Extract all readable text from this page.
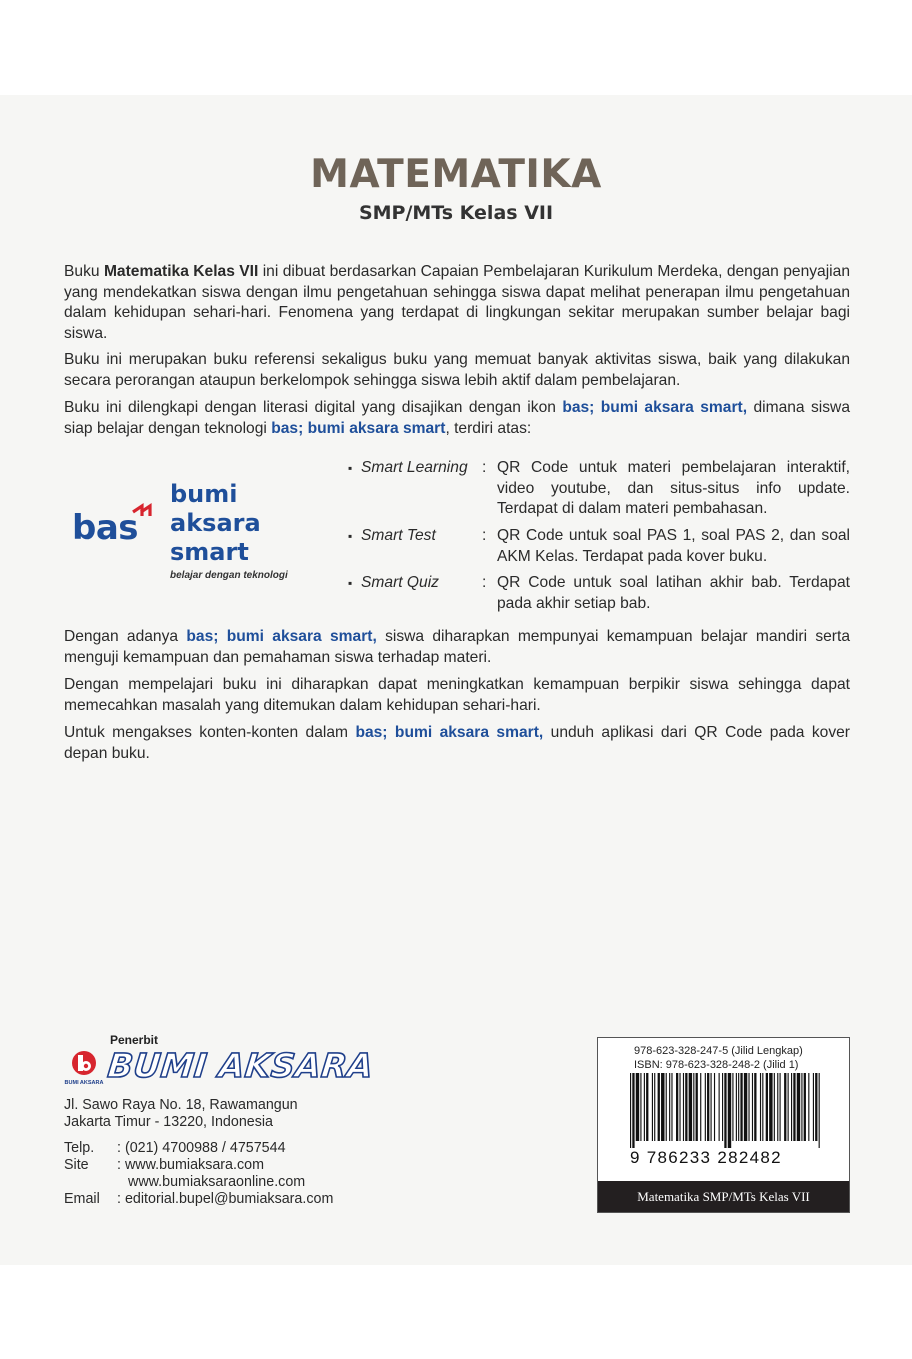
MATEMATIKA
SMP/MTs Kelas VII

Buku Matematika Kelas VII ini dibuat berdasarkan Capaian Pembelajaran Kurikulum Merdeka, dengan penyajian yang mendekatkan siswa dengan ilmu pengetahuan sehingga siswa dapat melihat penerapan ilmu pengetahuan dalam kehidupan sehari-hari. Fenomena yang terdapat di lingkungan sekitar merupakan sumber belajar bagi siswa.

Buku ini merupakan buku referensi sekaligus buku yang memuat banyak aktivitas siswa, baik yang dilakukan secara perorangan ataupun berkelompok sehingga siswa lebih aktif dalam pembelajaran.

Buku ini dilengkapi dengan literasi digital yang disajikan dengan ikon bas; bumi aksara smart, dimana siswa siap belajar dengan teknologi bas; bumi aksara smart, terdiri atas:

bas
bumi
aksara
smart
belajar dengan teknologi
▪ Smart Learning : QR Code untuk materi pembelajaran interaktif, video youtube, dan situs-situs info update. Terdapat di dalam materi pembahasan.
▪ Smart Test	: QR Code untuk soal PAS 1, soal PAS 2, dan soal AKM Kelas. Terdapat pada kover buku.
▪ Smart Quiz	: QR Code untuk soal latihan akhir bab. Terdapat pada akhir setiap bab.

Dengan adanya bas; bumi aksara smart, siswa diharapkan mempunyai kemampuan belajar mandiri serta menguji kemampuan dan pemahaman siswa terhadap materi.

Dengan mempelajari buku ini diharapkan dapat meningkatkan kemampuan berpikir siswa sehingga dapat memecahkan masalah yang ditemukan dalam kehidupan sehari-hari.

Untuk mengakses konten-konten dalam bas; bumi aksara smart, unduh aplikasi dari QR Code pada kover depan buku.

Penerbit
BUMI AKSARA BUMI AKSARA
Jl. Sawo Raya No. 18, Rawamangun
Jakarta Timur - 13220, Indonesia
Telp. : (021) 4700988 / 4757544
Site : www.bumiaksara.com
www.bumiaksaraonline.com
Email : editorial.bupel@bumiaksara.com
978-623-328-247-5 (Jilid Lengkap)
ISBN: 978-623-328-248-2 (Jilid 1)
9 786233 282482
Matematika SMP/MTs Kelas VII
